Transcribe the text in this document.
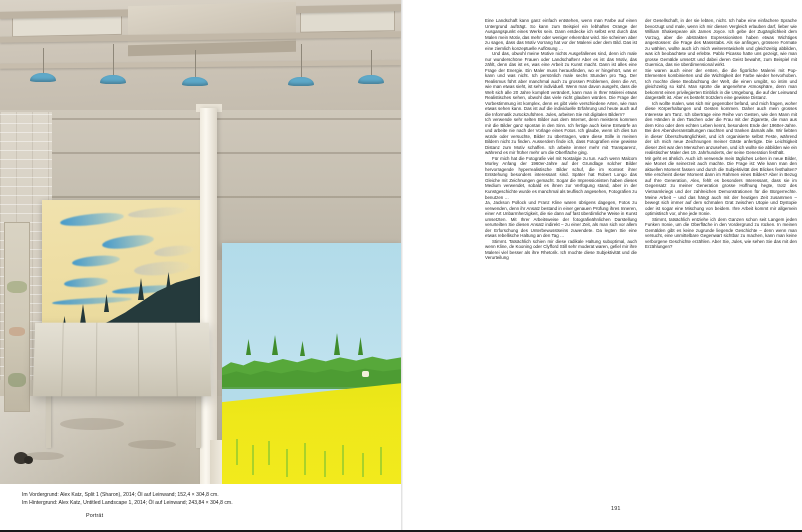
Im Vordergrund: Alex Katz, Split 1 (Sharon), 2014; Öl auf Leinwand; 152,4 × 304,8 cm.
Im Hintergrund: Alex Katz, Untitled Landscape 1, 2014; Öl auf Leinwand; 243,84 × 304,8 cm.
Porträt

Eine Landschaft kann ganz einfach entstehen, wenn man Farbe auf einen Untergrund aufträgt. So kann zum Beispiel ein lebhaftes Orange der Ausgangspunkt eines Werks sein. Dann entdecke ich selbst erst durch das Malen mein Motiv, das mehr oder weniger erkennbar wird. Sie scheinen aber zu sagen, dass das Motiv Vorrang hat vor der Malerei oder dem Bild. Das ist eine ziemlich konzeptuelle Auflösung …

Und das, obwohl meine Motive nichts Ausgefallenes sind, denn ich male nur wunderschöne Frauen oder Landschaften! Aber es ist das Motiv, das zählt, denn das ist es, was eine Arbeit zu Kunst macht. Dann ist alles eine Frage der Energie. Ein Maler muss herausfinden, wo er hingehört, was er kann und was nicht. Ich persönlich male sechs Stunden pro Tag. Der Realismus führt aber manchmal auch zu grossen Problemen, denn die Art, wie man etwas sieht, ist sehr individuell. Wenn man davon ausgeht, dass die Welt sich alle 20 Jahre komplett verändert, kann man in Ihrer Malerei etwas Realistisches sehen, obwohl das viele nicht glauben würden. Die Frage der Vorbestimmung ist komplex, denn es gibt viele verschiedene Arten, wie man etwas sehen kann. Das ist auf die individuelle Erfahrung und heute auch auf die Informatik zurückzuführen. Jules, arbeiten Sie mit digitalen Bildern?

Ich verwende sehr selten Bilder aus dem Internet, denn meistens kommen mir die Bilder ganz spontan in den Sinn. Ich fertige auch keine Entwürfe an und arbeite nie nach der Vorlage eines Fotos. Ich glaube, wenn ich dies tun würde oder versuchte, Bilder zu übertragen, wäre diese Stille in meinen Bildern nicht zu finden. Ausserdem finde ich, dass Fotografien eine gewisse Distanz zum Motiv schaffen. Ich arbeite immer mehr mit Transparenz, während es mir früher mehr um die Oberfläche ging.

Für mich hat die Fotografie viel mit Nostalgie zu tun. Auch wenn Malcom Morley Anfang der 1960er-Jahre auf der Grundlage solcher Bilder hervorragende hyperrealistische Bilder schuf, die im Kontext ihrer Entstehung besonders interessant sind. Später hat Robert Longo das Gleiche mit Zeichnungen gemacht. Sogar die Impressionisten haben dieses Medium verwendet, sobald es ihnen zur Verfügung stand, aber in der Kunstgeschichte wurde es manchmal als teuflisch angesehen, Fotografien zu benutzen …

Ja, Jackson Pollock und Franz Kline waren übrigens dagegen, Fotos zu verwenden, denn ihr Ansatz bestand in einer genauen Prüfung ihres Inneren, einer Art Unbarmherzigkeit, die sie dann auf fast überdimliche Weise in Kunst umsetzten. Mit Ihrer Arbeitsweise der fotografieähnlichen Darstellung verurteilten Sie diesen Ansatz indirekt – zu einer Zeit, als man sich vor allem der Erforschung des Unterbewusstseins zuwendete. Da legten Sie eine etwas rebellische Haltung an den Tag …

Stimmt. Tatsächlich schien mir diese radikale Haltung suboptimal, auch wenn Kline, de Kooning oder Clyfford Still sehr moderat waren, gefiel mir ihre Malerei viel besser als ihre Rhetorik. Ich mochte diese Subjektivität und die Verurteilung

der Gesellschaft, in der sie lebten, nicht. Ich habe eine einfachere Sprache bevorzugt und male, wenn ich mir diesen Vergleich erlauben darf, lieber wie William Shakespeare als James Joyce. Ich gebe der Zugänglichkeit dem Vorzug, aber die abstrakten Expressionisten haben etwas Wichtiges angestossen: die Frage des Massstabs. Als sie anfingen, grössere Formate zu wählen, wollte auch ich mich weiterentwickeln und gleichzeitig abbilden, was ich beobachtete und erlebte. Pablo Picasso hatte uns gezeigt, wie man grosse Gemälde umsetzt und dabei deren Geist bewahrt, zum Beispiel mit Guernica, das nie überdimensional wirkt.

Sie waren auch einer der ersten, die die figürliche Malerei mit Pop-Elementen kombinierten und die Wichtigkeit der Farbe wieder hervorhoben. Ich mochte diese Beobachtung der Welt, die einen umgibt, so intim und gleichzeitig so kühl. Man spürte die angenehme Atmosphäre, denn man bekommt einen privilegierten Einblick in die Umgebung, die auf der Leinwand dargestellt ist. Aber es besteht trotzdem eine gewisse Distanz.

Ich wollte malen, was sich mir gegenüber befand, und mich fragen, woher diese Körperhaltungen und Gesten kommen. Daher auch mein grosses Interesse am Tanz. Ich übertrage eine Reihe von Gesten, wie den Mann mit den Händen in den Taschen oder die Frau mit der Zigarette, die man aus dem Kino oder dem echten Leben kennt, besonders Ende der 1960er-Jahre. Bei den Abendveranstaltungen rauchten und tranken damals alle. Wir liebten in dieser Überschwänglichkeit, und ich organisierte selbst Feste, während der ich mich neue Zeichnungen meiner Gäste anfertigte. Die Leichtigkeit dieser Zeit war den Menschen anzusehen, und ich wollte sie abbilden wie ein realistischer Maler des 19. Jahrhunderts, der seine Generation festhält.

Mir geht es ähnlich. Auch ich verwende mein tägliches Leben in neue Bilder, wie Monet die seinerzeit auch machte. Die Frage ist: Wie kann man den aktuellen Moment fassen und durch die Subjektivität des Blickes festhalten? Wie erscheint dieser Moment dann im Rahmen eines Bildes? Aber in Bezug auf Ihre Generation, Alex, fehlt es besonders Interessant, dass sie im Gegensatz zu meiner Generation grosse Hoffnung hegte, trotz des Vietnamkriegs und der zahlreichen Demonstrationen für die Bürgerrechte. Meine Arbeit – und das hängt auch mit der heutigen Zeit zusammen – bewegt sich immer auf dem schmalen Grat zwischen Utopie und Dystopie oder ist sogar eine Mischung von beidem. Ihre Arbeit kommt mir allgemein optimistisch vor, ohne jede Ironie.

Stimmt, tatsächlich entziehe ich dem Ganzen schon seit Langem jeden Funken Ironie, um die Oberfläche in den Vordergrund zu rücken. In meinen Gemälden gibt es keine zugrunde liegende Geschichte – denn wenn man versucht, eine unmittelbare Gegenwart sichtbar zu machen, kann man keine verborgene Geschichte erzählen. Aber Sie, Jules, wie sehen Sie das mit den Erzählungen?

191
